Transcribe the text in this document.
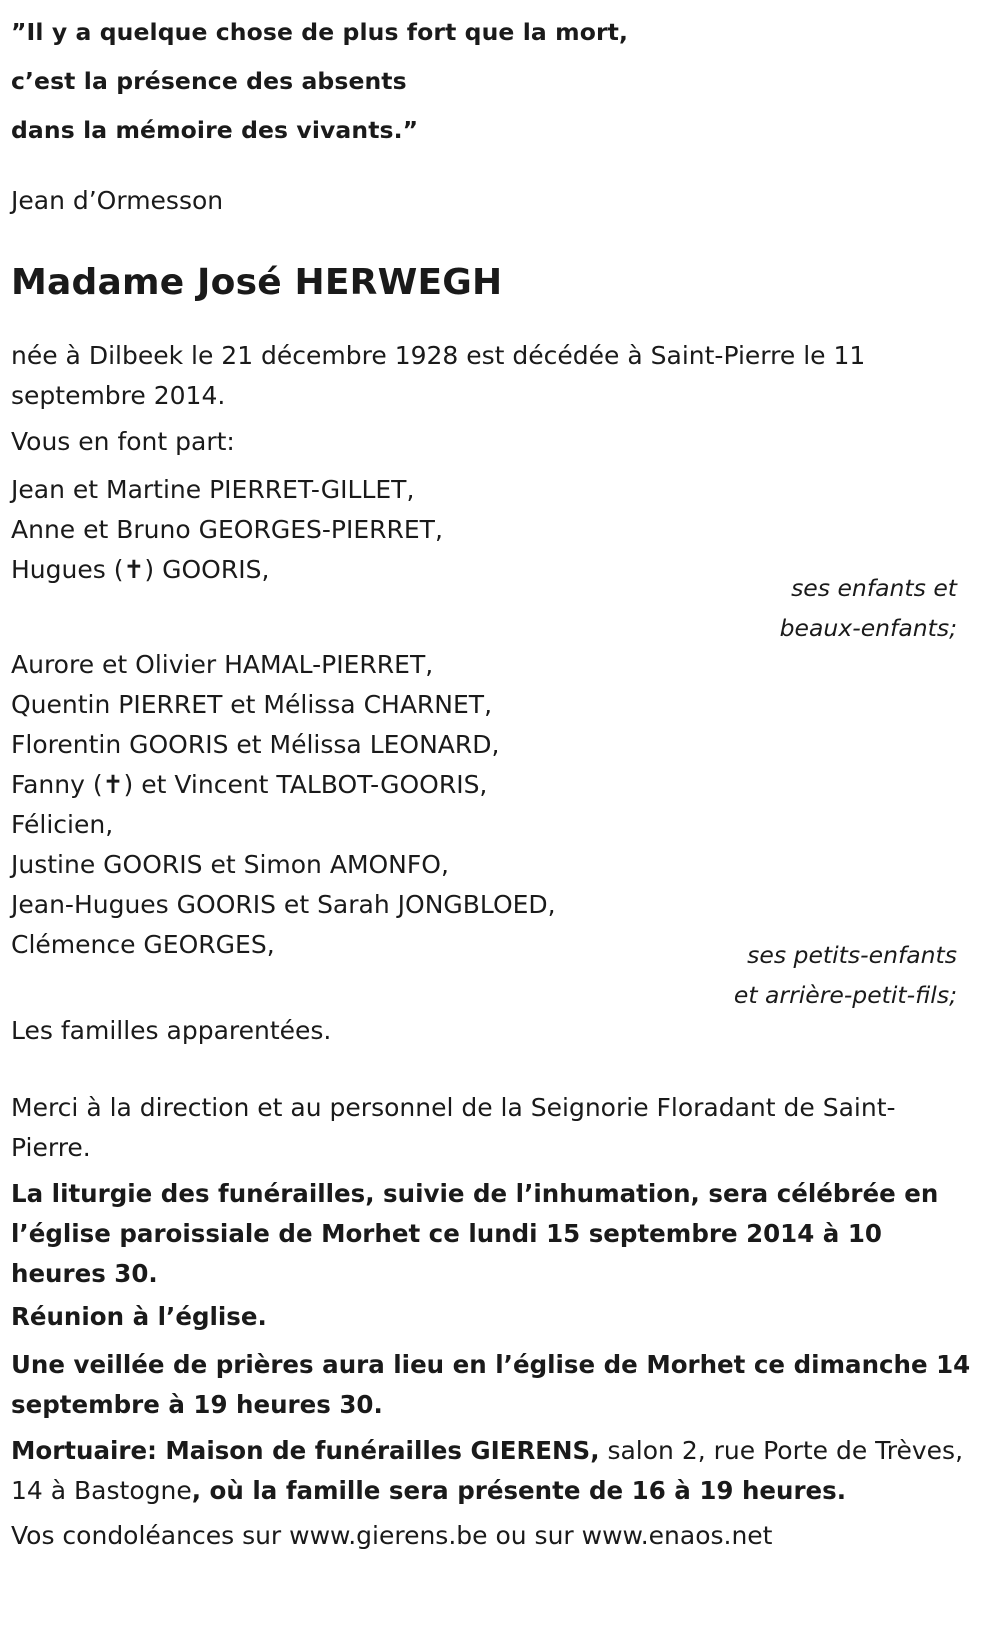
”Il y a quelque chose de plus fort que la mort,
c’est la présence des absents
dans la mémoire des vivants.”
Jean d’Ormesson
Madame José HERWEGH
née à Dilbeek le 21 décembre 1928 est décédée à Saint-Pierre le 11 septembre 2014.
Vous en font part:
Jean et Martine PIERRET-GILLET,
Anne et Bruno GEORGES-PIERRET,
Hugues (✝) GOORIS,
ses enfants et
beaux-enfants;
Aurore et Olivier HAMAL-PIERRET,
Quentin PIERRET et Mélissa CHARNET,
Florentin GOORIS et Mélissa LEONARD,
Fanny (✝) et Vincent TALBOT-GOORIS,
Félicien,
Justine GOORIS et Simon AMONFO,
Jean-Hugues GOORIS et Sarah JONGBLOED,
Clémence GEORGES,	ses petits-enfants
et arrière-petit-fils;
Les familles apparentées.
Merci à la direction et au personnel de la Seignorie Floradant de Saint-Pierre.
La liturgie des funérailles, suivie de l’inhumation, sera célébrée en l’église paroissiale de Morhet ce lundi 15 septembre 2014 à 10 heures 30.
Réunion à l’église.
Une veillée de prières aura lieu en l’église de Morhet ce dimanche 14 septembre à 19 heures 30.
Mortuaire: Maison de funérailles GIERENS, salon 2, rue Porte de Trèves, 14 à Bastogne, où la famille sera présente de 16 à 19 heures.
Vos condoléances sur www.gierens.be ou sur www.enaos.net
